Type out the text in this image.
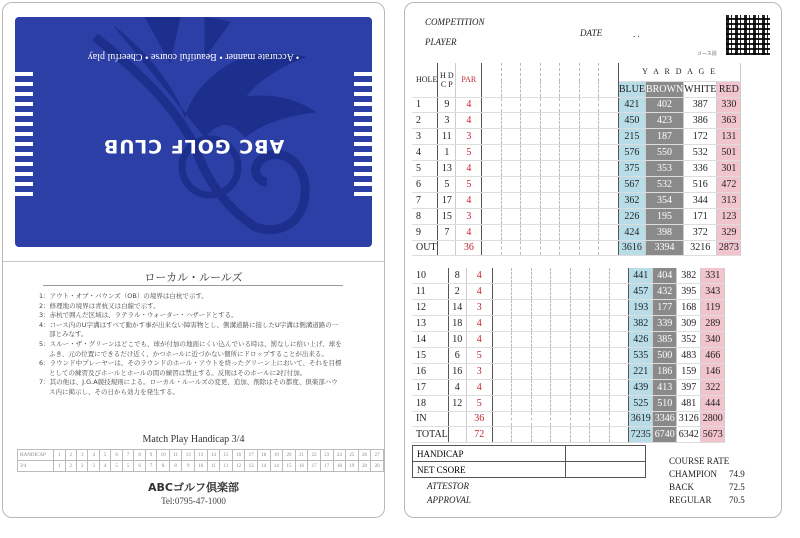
ABC GOLF CLUB
• Accurate manner • Beautiful course • Cheerful play
ローカル・ルールズ
1：アウト・オブ・バウンズ（OB）の境界は白杭で示す。
2：修理地の境界は青杭又は白線で示す。
3：赤杭で囲んだ区域は、ラテラル・ウォーター・ハザードとする。
4：コース内のU字溝はすべて動かす事が出来ない障害物とし、側溝道路に接したU字溝は側溝道路の一部とみなす。
5：スルー・ザ・グリーンはどこでも、球が付加の地面にくい込んでいる時は、罰なしに拾い上げ、球をふき、元の位置にできるだけ近く、かつホールに近づかない個所にドロップすることが出来る。
6：ラウンド中プレーヤーは、そのラウンドのホール・アウトを終ったグリーン上において、それを目標としての練習及びホールとホールの間の練習は禁止する。反則はそのホールに2打付加。
7：其の他は、J.G.A競技規則による。ローカル・ルールズの変更、追加、削除はその都度、倶楽部ハウス内に掲示し、その日から効力を発生する。
Match Play Handicap 3/4
HANDICAP	1	2	3	4	5	6	7	8	9	10	11	12	13	14	15	16	17	18	19	20	21	22	23	24	25	26	27
3/4	1	2	2	3	4	5	5	6	7	8	8	9	10	11	11	12	13	14	14	15	16	17	17	18	19	20	20
ABCゴルフ倶楽部
Tel:0795-47-1000
COMPETITION
PLAYER
DATE	. .
コース図
HOLE	H D
C P	PAR								Y A R D A G E			
										BLUE	BROWN	WHITE	RED
1	9	4								421	402	387	330
2	3	4								450	423	386	363
3	11	3								215	187	172	131
4	1	5								576	550	532	501
5	13	4								375	353	336	301
6	5	5								567	532	516	472
7	17	4								362	354	344	313
8	15	3								226	195	171	123
9	7	4								424	398	372	329
OUT		36								3616	3394	3216	2873
10	8	4								441	404	382	331
11	2	4								457	432	395	343
12	14	3								193	177	168	119
13	18	4								382	339	309	289
14	10	4								426	385	352	340
15	6	5								535	500	483	466
16	16	3								221	186	159	146
17	4	4								439	413	397	322
18	12	5								525	510	481	444
IN		36								3619	3346	3126	2800
TOTAL		72								7235	6740	6342	5673
HANDICAP	
NET CSORE	
ATTESTOR
APPROVAL
COURSE RATE
CHAMPION 74.9
BACK	72.5
REGULAR 70.5
